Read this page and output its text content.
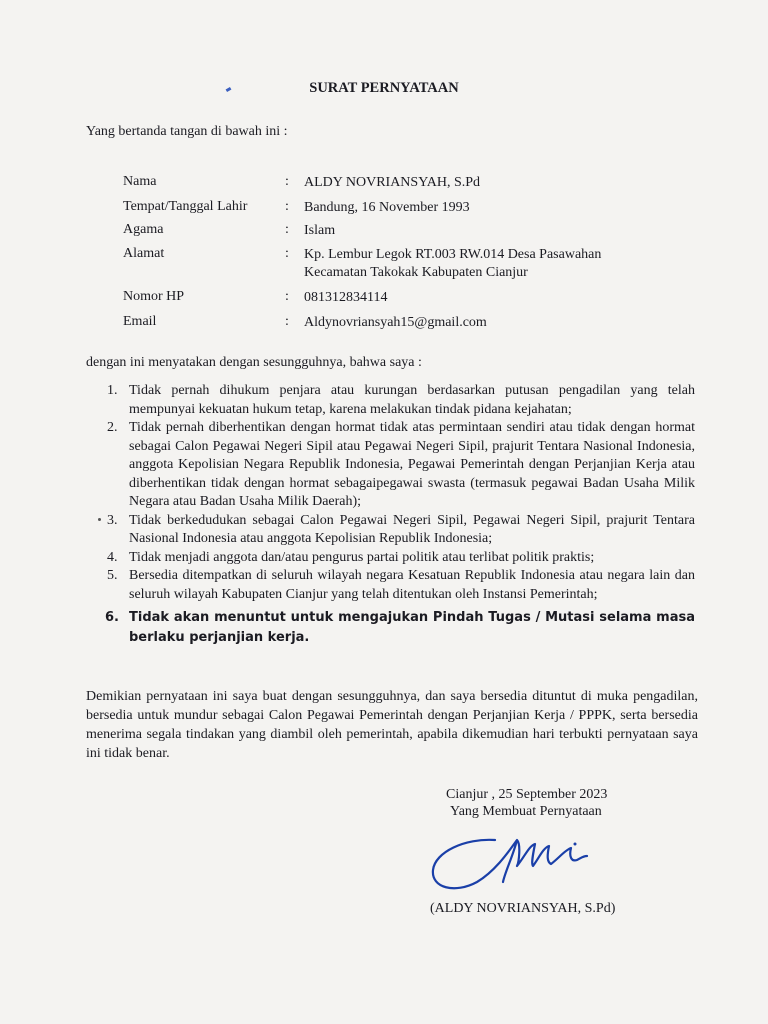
SURAT PERNYATAAN
Yang bertanda tangan di bawah ini :
Nama	: ALDY NOVRIANSYAH, S.Pd
Tempat/Tanggal Lahir	: Bandung, 16 November 1993
Agama	: Islam
Alamat	: Kp. Lembur Legok RT.003 RW.014 Desa Pasawahan
Kecamatan Takokak Kabupaten Cianjur
Nomor HP	: 081312834114
Email	: Aldynovriansyah15@gmail.com
dengan ini menyatakan dengan sesungguhnya, bahwa saya :
1. Tidak pernah dihukum penjara atau kurungan berdasarkan putusan pengadilan yang telah mempunyai kekuatan hukum tetap, karena melakukan tindak pidana kejahatan;
2. Tidak pernah diberhentikan dengan hormat tidak atas permintaan sendiri atau tidak dengan hormat sebagai Calon Pegawai Negeri Sipil atau Pegawai Negeri Sipil, prajurit Tentara Nasional Indonesia, anggota Kepolisian Negara Republik Indonesia, Pegawai Pemerintah dengan Perjanjian Kerja atau diberhentikan tidak dengan hormat sebagaipegawai swasta (termasuk pegawai Badan Usaha Milik Negara atau Badan Usaha Milik Daerah);
3. Tidak berkedudukan sebagai Calon Pegawai Negeri Sipil, Pegawai Negeri Sipil, prajurit Tentara Nasional Indonesia atau anggota Kepolisian Republik Indonesia;
4. Tidak menjadi anggota dan/atau pengurus partai politik atau terlibat politik praktis;
5. Bersedia ditempatkan di seluruh wilayah negara Kesatuan Republik Indonesia atau negara lain dan seluruh wilayah Kabupaten Cianjur yang telah ditentukan oleh Instansi Pemerintah;
6. Tidak akan menuntut untuk mengajukan Pindah Tugas / Mutasi selama masa berlaku perjanjian kerja.
Demikian pernyataan ini saya buat dengan sesungguhnya, dan saya bersedia dituntut di muka pengadilan, bersedia untuk mundur sebagai Calon Pegawai Pemerintah dengan Perjanjian Kerja / PPPK, serta bersedia menerima segala tindakan yang diambil oleh pemerintah, apabila dikemudian hari terbukti pernyataan saya ini tidak benar.
Cianjur , 25 September 2023
Yang Membuat Pernyataan
(ALDY NOVRIANSYAH, S.Pd)
